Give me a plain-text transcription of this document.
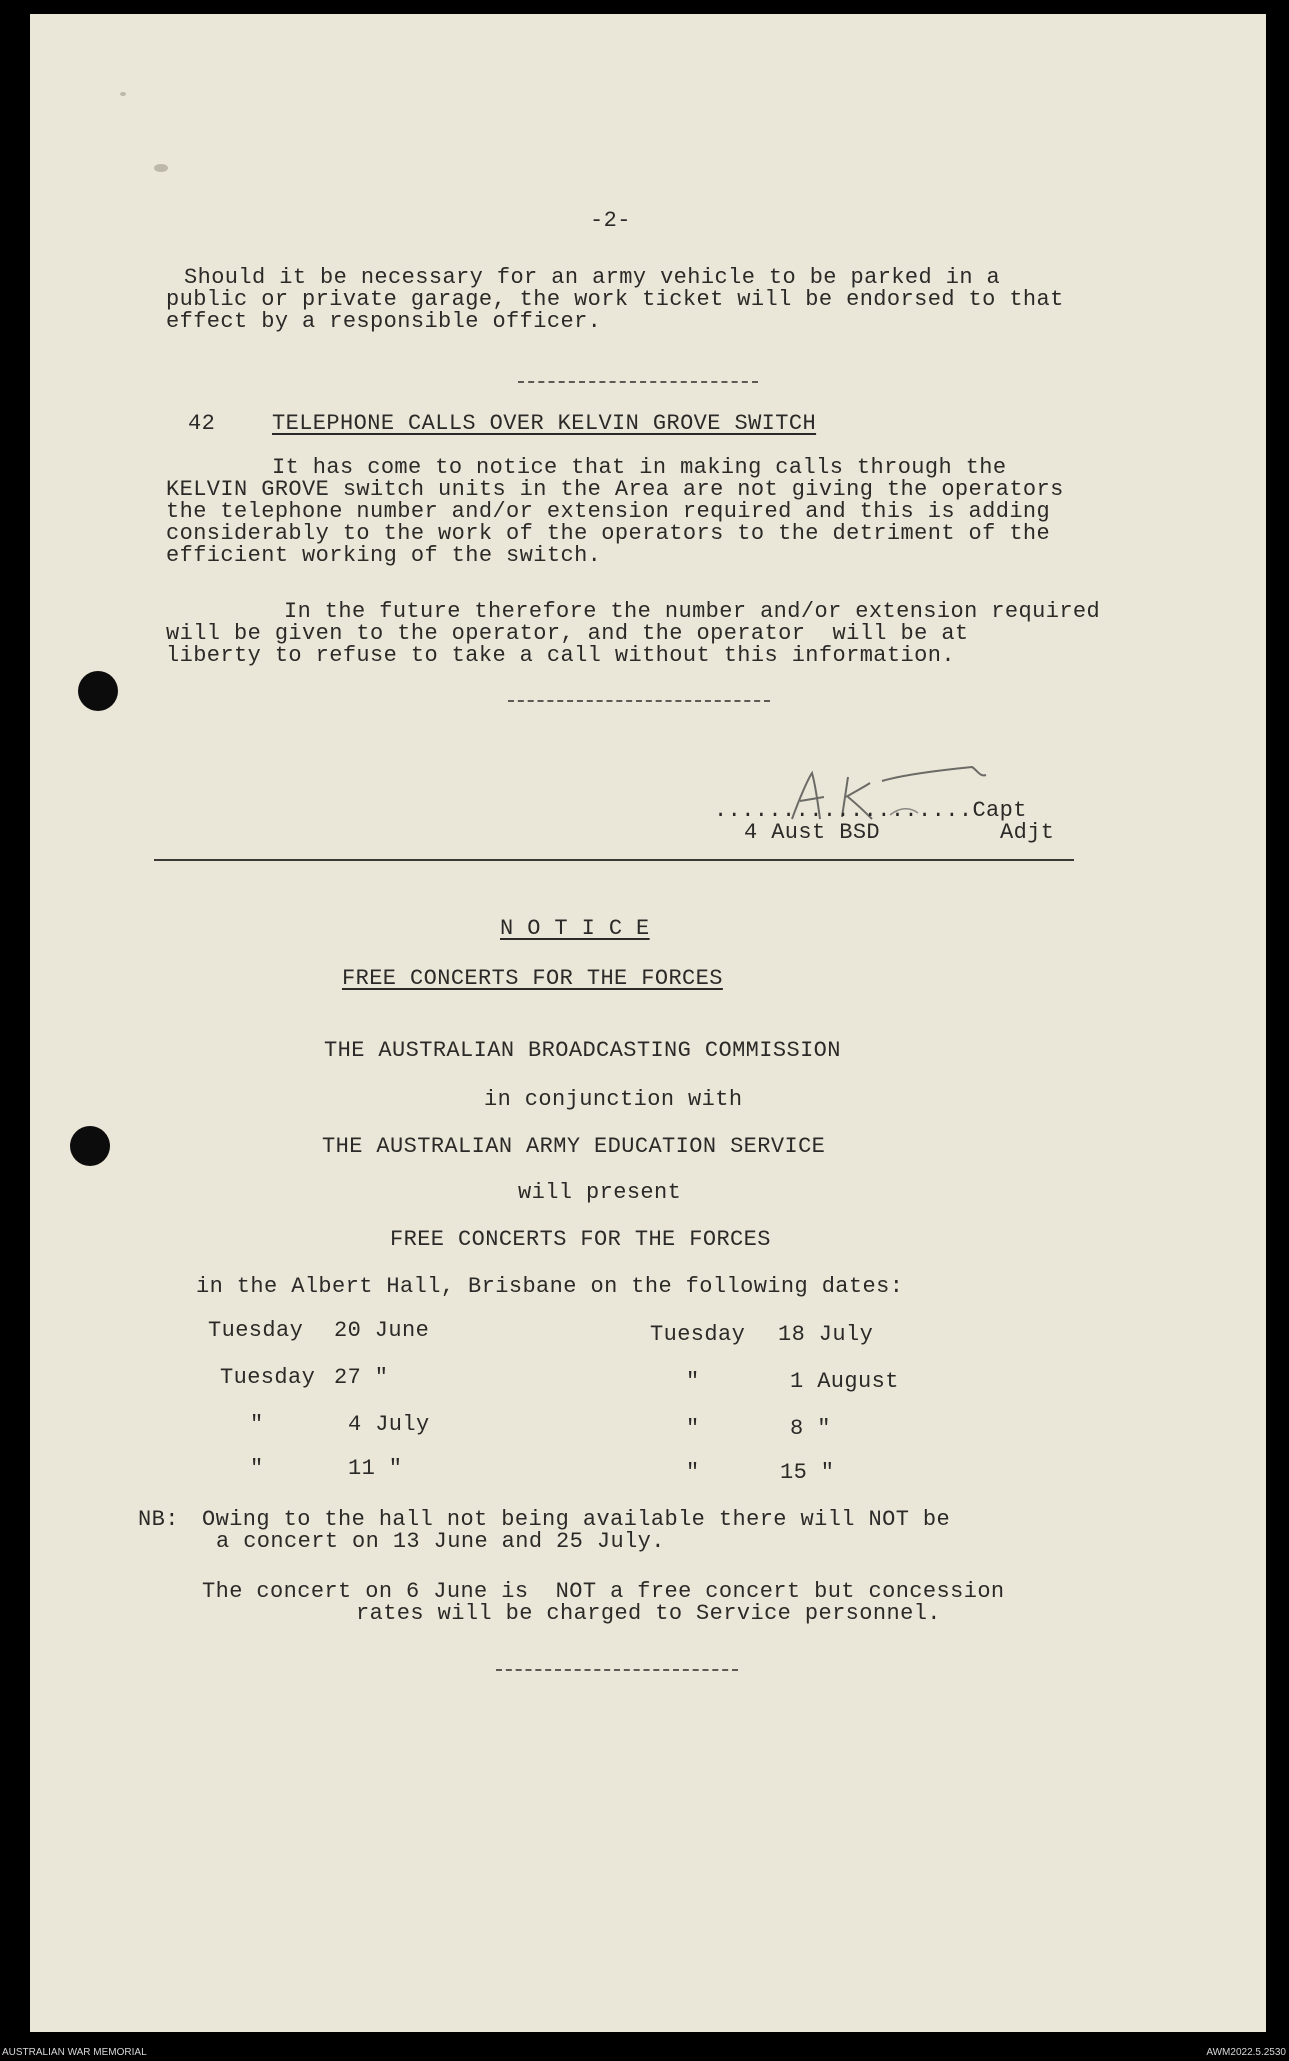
-2-
Should it be necessary for an army vehicle to be parked in a
public or private garage, the work ticket will be endorsed to that
effect by a responsible officer.
42	TELEPHONE CALLS OVER KELVIN GROVE SWITCH
It has come to notice that in making calls through the
KELVIN GROVE switch units in the Area are not giving the operators
the telephone number and/or extension required and this is adding
considerably to the work of the operators to the detriment of the
efficient working of the switch.
In the future therefore the number and/or extension required
will be given to the operator, and the operator  will be at
liberty to refuse to take a call without this information.
...................Capt
4 Aust BSD	Adjt
N O T I C E
FREE CONCERTS FOR THE FORCES
THE AUSTRALIAN BROADCASTING COMMISSION
in conjunction with
THE AUSTRALIAN ARMY EDUCATION SERVICE
will present
FREE CONCERTS FOR THE FORCES
in the Albert Hall, Brisbane on the following dates:
Tuesday 20 June
Tuesday 27 "
"	4 July
"	11 "
Tuesday 18 July
"	1 August
"	8 "
"	15 "
NB: Owing to the hall not being available there will NOT be
a concert on 13 June and 25 July.
The concert on 6 June is  NOT a free concert but concession
rates will be charged to Service personnel.
AUSTRALIAN WAR MEMORIAL	AWM2022.5.2530
